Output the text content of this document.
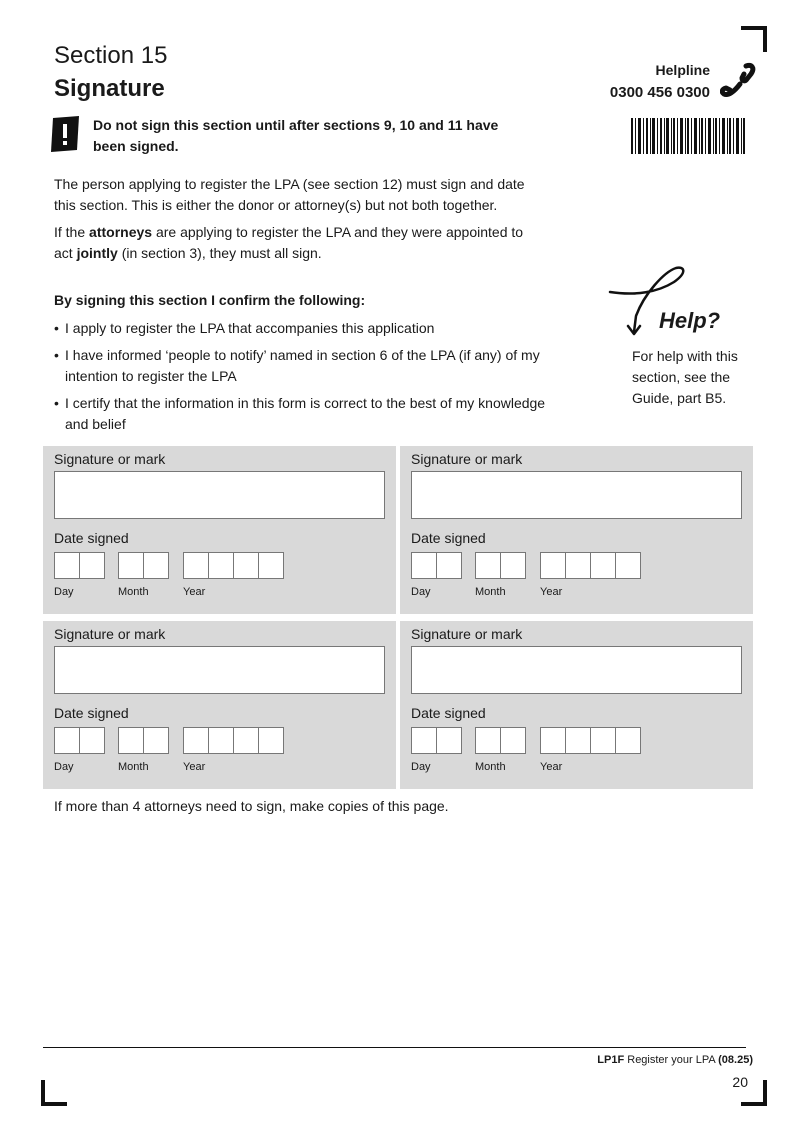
Section 15
Signature
Helpline
0300 456 0300
Do not sign this section until after sections 9, 10 and 11 have
been signed.
The person applying to register the LPA (see section 12) must sign and date
this section. This is either the donor or attorney(s) but not both together.
If the attorneys are applying to register the LPA and they were appointed to
act jointly (in section 3), they must all sign.
By signing this section I confirm the following:
• I apply to register the LPA that accompanies this application
• I have informed ‘people to notify’ named in section 6 of the LPA (if any) of my intention to register the LPA
• I certify that the information in this form is correct to the best of my knowledge and belief
Help?
For help with this section, see the Guide, part B5.
Signature or mark
Date signed
Day	Month	Year
Signature or mark
Date signed
Day	Month	Year
Signature or mark
Date signed
Day	Month	Year
Signature or mark
Date signed
Day	Month	Year
If more than 4 attorneys need to sign, make copies of this page.
LP1F Register your LPA (08.25)
20
